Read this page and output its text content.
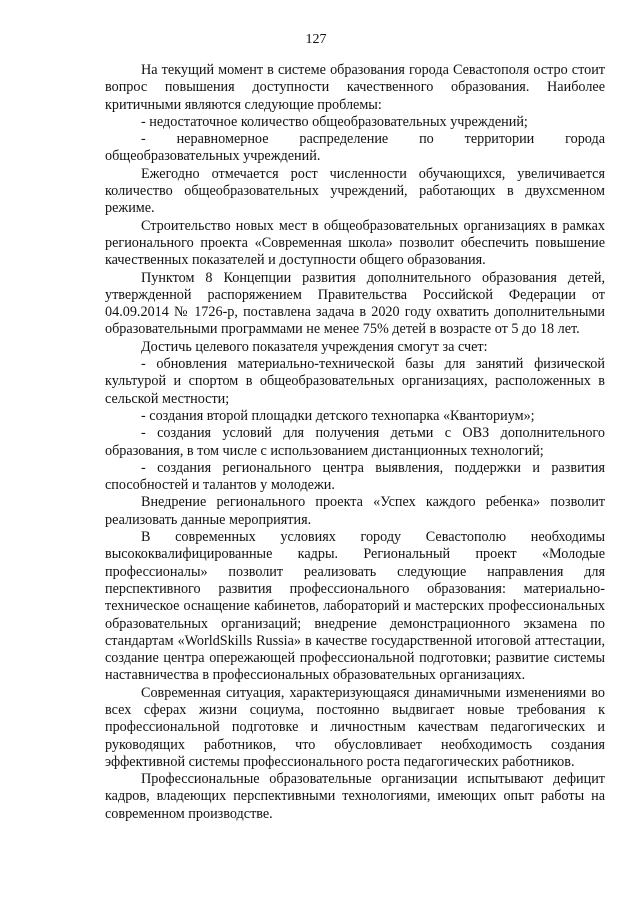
127

На текущий момент в системе образования города Севастополя остро стоит вопрос повышения доступности качественного образования. Наиболее критичными являются следующие проблемы:

- недостаточное количество общеобразовательных учреждений;

- неравномерное распределение по территории города общеобразовательных учреждений.

Ежегодно отмечается рост численности обучающихся, увеличивается количество общеобразовательных учреждений, работающих в двухсменном режиме.

Строительство новых мест в общеобразовательных организациях в рамках регионального проекта «Современная школа» позволит обеспечить повышение качественных показателей и доступности общего образования.

Пунктом 8 Концепции развития дополнительного образования детей, утвержденной распоряжением Правительства Российской Федерации от 04.09.2014 № 1726-р, поставлена задача в 2020 году охватить дополнительными образовательными программами не менее 75% детей в возрасте от 5 до 18 лет.

Достичь целевого показателя учреждения смогут за счет:

- обновления материально-технической базы для занятий физической культурой и спортом в общеобразовательных организациях, расположенных в сельской местности;

- создания второй площадки детского технопарка «Кванториум»;

- создания условий для получения детьми с ОВЗ дополнительного образования, в том числе с использованием дистанционных технологий;

- создания регионального центра выявления, поддержки и развития способностей и талантов у молодежи.

Внедрение регионального проекта «Успех каждого ребенка» позволит реализовать данные мероприятия.

В современных условиях городу Севастополю необходимы высококвалифицированные кадры. Региональный проект «Молодые профессионалы» позволит реализовать следующие направления для перспективного развития профессионального образования: материально-техническое оснащение кабинетов, лабораторий и мастерских профессиональных образовательных организаций; внедрение демонстрационного экзамена по стандартам «WorldSkills Russia» в качестве государственной итоговой аттестации, создание центра опережающей профессиональной подготовки; развитие системы наставничества в профессиональных образовательных организациях.

Современная ситуация, характеризующаяся динамичными изменениями во всех сферах жизни социума, постоянно выдвигает новые требования к профессиональной подготовке и личностным качествам педагогических и руководящих работников, что обусловливает необходимость создания эффективной системы профессионального роста педагогических работников.

Профессиональные образовательные организации испытывают дефицит кадров, владеющих перспективными технологиями, имеющих опыт работы на современном производстве.
